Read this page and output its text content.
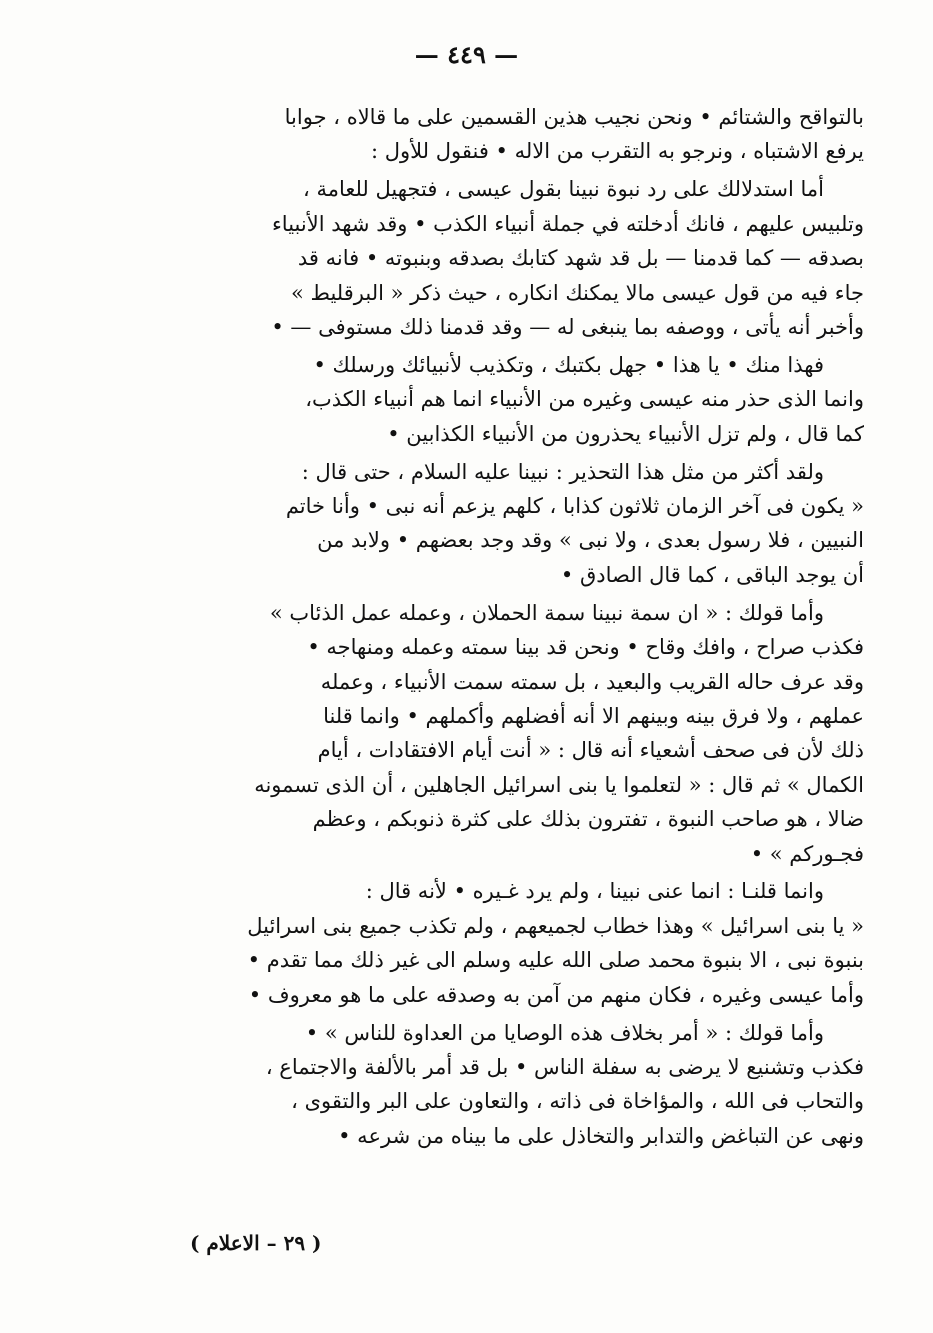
— ٤٤٩ —
بالتواقح والشتائم • ونحن نجيب هذين القسمين على ما قالاه ، جوابا
يرفع الاشتباه ، ونرجو به التقرب من الاله • فنقول للأول :
أما استدلالك على رد نبوة نبينا بقول عيسى ، فتجهيل للعامة ،
وتلبيس عليهم ، فانك أدخلته في جملة أنبياء الكذب • وقد شهد الأنبياء
بصدقه — كما قدمنا — بل قد شهد كتابك بصدقه وبنبوته • فانه قد
جاء فيه من قول عيسى مالا يمكنك انكاره ، حيث ذكر « البرقليط »
وأخبر أنه يأتى ، ووصفه بما ينبغى له — وقد قدمنا ذلك مستوفى — •
فهذا منك • يا هذا • جهل بكتبك ، وتكذيب لأنبيائك ورسلك •
وانما الذى حذر منه عيسى وغيره من الأنبياء انما هم أنبياء الكذب،
كما قال ، ولم تزل الأنبياء يحذرون من الأنبياء الكذابين •
ولقد أكثر من مثل هذا التحذير : نبينا عليه السلام ، حتى قال :
« يكون فى آخر الزمان ثلاثون كذابا ، كلهم يزعم أنه نبى • وأنا خاتم
النبيين ، فلا رسول بعدى ، ولا نبى » وقد وجد بعضهم • ولابد من
أن يوجد الباقى ، كما قال الصادق •
وأما قولك : « ان سمة نبينا سمة الحملان ، وعمله عمل الذئاب »
فكذب صراح ، وافك وقاح • ونحن قد بينا سمته وعمله ومنهاجه •
وقد عرف حاله القريب والبعيد ، بل سمته سمت الأنبياء ، وعمله
عملهم ، ولا فرق بينه وبينهم الا أنه أفضلهم وأكملهم • وانما قلنا
ذلك لأن فى صحف أشعياء أنه قال : « أنت أيام الافتقادات ، أيام
الكمال » ثم قال : « لتعلموا يا بنى اسرائيل الجاهلين ، أن الذى تسمونه
ضالا ، هو صاحب النبوة ، تفترون بذلك على كثرة ذنوبكم ، وعظم
فجـوركم » •
وانما قلنـا : انما عنى نبينا ، ولم يرد غـيره • لأنه قال :
« يا بنى اسرائيل » وهذا خطاب لجميعهم ، ولم تكذب جميع بنى اسرائيل
بنبوة نبى ، الا بنبوة محمد صلى الله عليه وسلم الى غير ذلك مما تقدم •
وأما عيسى وغيره ، فكان منهم من آمن به وصدقه على ما هو معروف •
وأما قولك : « أمر بخلاف هذه الوصايا من العداوة للناس » •
فكذب وتشنيع لا يرضى به سفلة الناس • بل قد أمر بالألفة والاجتماع ،
والتحاب فى الله ، والمؤاخاة فى ذاته ، والتعاون على البر والتقوى ،
ونهى عن التباغض والتدابر والتخاذل على ما بيناه من شرعه •
( ٢٩ – الاعلام )
